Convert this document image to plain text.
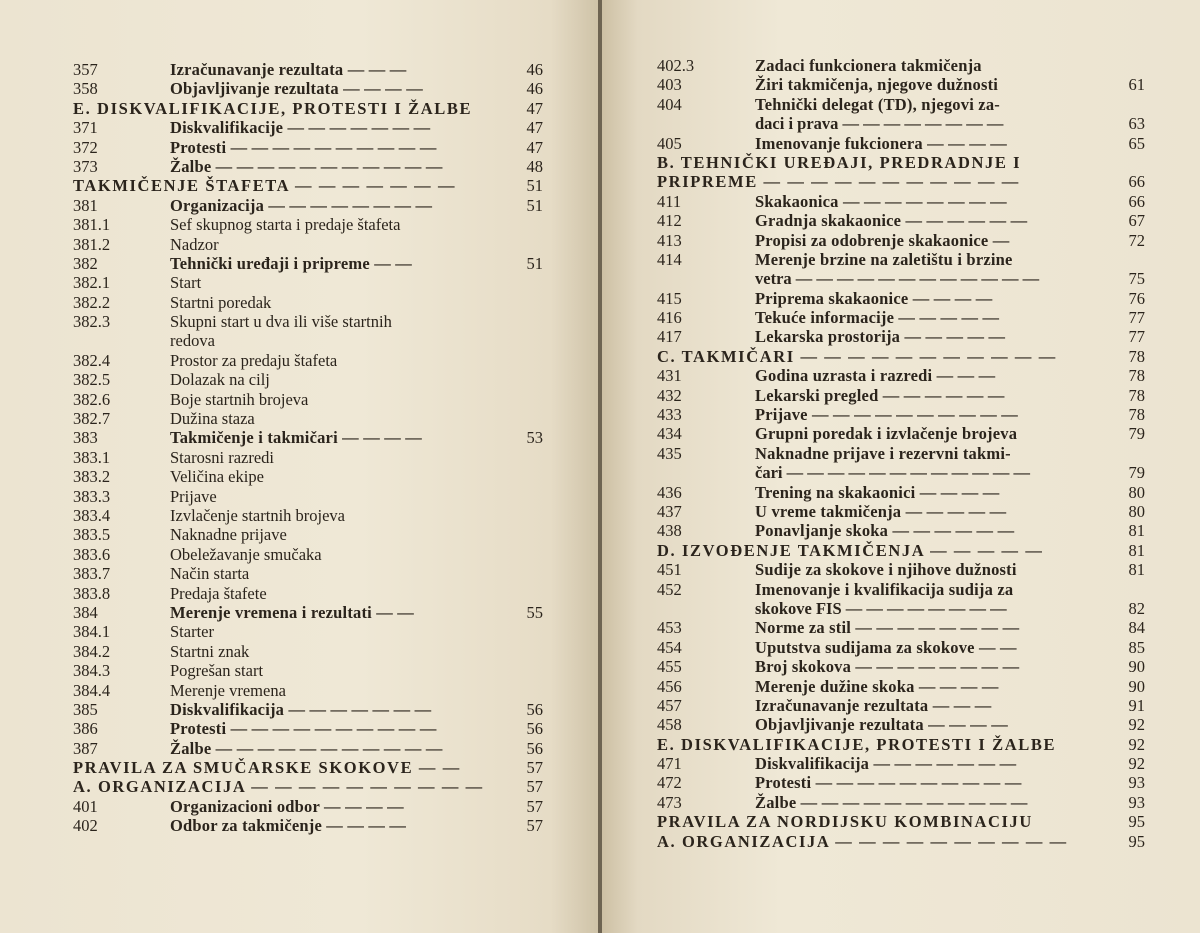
357	Izračunavanje rezultata — — —	46
358	Objavljivanje rezultata — — — —	46
E. DISKVALIFIKACIJE, PROTESTI I ŽALBE	47
371	Diskvalifikacije — — — — — — —	47
372	Protesti — — — — — — — — — —	47
373	Žalbe — — — — — — — — — — —	48
TAKMIČENJE ŠTAFETA — — — — — — —	51
381	Organizacija — — — — — — — —	51
381.1	Sef skupnog starta i predaje štafeta
381.2	Nadzor
382	Tehnički uređaji i pripreme — —	51
382.1	Start
382.2	Startni poredak
382.3	Skupni start u dva ili više startnih
redova
382.4	Prostor za predaju štafeta
382.5	Dolazak na cilj
382.6	Boje startnih brojeva
382.7	Dužina staza
383	Takmičenje i takmičari — — — —	53
383.1	Starosni razredi
383.2	Veličina ekipe
383.3	Prijave
383.4	Izvlačenje startnih brojeva
383.5	Naknadne prijave
383.6	Obeležavanje smučaka
383.7	Način starta
383.8	Predaja štafete
384	Merenje vremena i rezultati — —	55
384.1	Starter
384.2	Startni znak
384.3	Pogrešan start
384.4	Merenje vremena
385	Diskvalifikacija — — — — — — —	56
386	Protesti — — — — — — — — — —	56
387	Žalbe — — — — — — — — — — —	56
PRAVILA ZA SMUČARSKE SKOKOVE — —	57
A. ORGANIZACIJA — — — — — — — — — —	57
401	Organizacioni odbor — — — —	57
402	Odbor za takmičenje — — — —	57
402.3	Zadaci funkcionera takmičenja
403	Žiri takmičenja, njegove dužnosti	61
404	Tehnički delegat (TD), njegovi za-
daci i prava — — — — — — — —	63
405	Imenovanje fukcionera — — — —	65
B. TEHNIČKI UREĐAJI, PREDRADNJE I
PRIPREME — — — — — — — — — — —	66
411	Skakaonica — — — — — — — —	66
412	Gradnja skakaonice — — — — — —	67
413	Propisi za odobrenje skakaonice —	72
414	Merenje brzine na zaletištu i brzine
vetra — — — — — — — — — — — —	75
415	Priprema skakaonice — — — —	76
416	Tekuće informacije — — — — —	77
417	Lekarska prostorija — — — — —	77
C. TAKMIČARI — — — — — — — — — — —	78
431	Godina uzrasta i razredi — — —	78
432	Lekarski pregled — — — — — —	78
433	Prijave — — — — — — — — — —	78
434	Grupni poredak i izvlačenje brojeva	79
435	Naknadne prijave i rezervni takmi-
čari — — — — — — — — — — — —	79
436	Trening na skakaonici — — — —	80
437	U vreme takmičenja — — — — —	80
438	Ponavljanje skoka — — — — — —	81
D. IZVOĐENJE TAKMIČENJA — — — — —	81
451	Sudije za skokove i njihove dužnosti	81
452	Imenovanje i kvalifikacija sudija za
skokove FIS — — — — — — — —	82
453	Norme za stil — — — — — — — —	84
454	Uputstva sudijama za skokove — —	85
455	Broj skokova — — — — — — — —	90
456	Merenje dužine skoka — — — —	90
457	Izračunavanje rezultata — — —	91
458	Objavljivanje rezultata — — — —	92
E. DISKVALIFIKACIJE, PROTESTI I ŽALBE	92
471	Diskvalifikacija — — — — — — —	92
472	Protesti — — — — — — — — — —	93
473	Žalbe — — — — — — — — — — —	93
PRAVILA ZA NORDIJSKU KOMBINACIJU	95
A. ORGANIZACIJA — — — — — — — — — —	95
